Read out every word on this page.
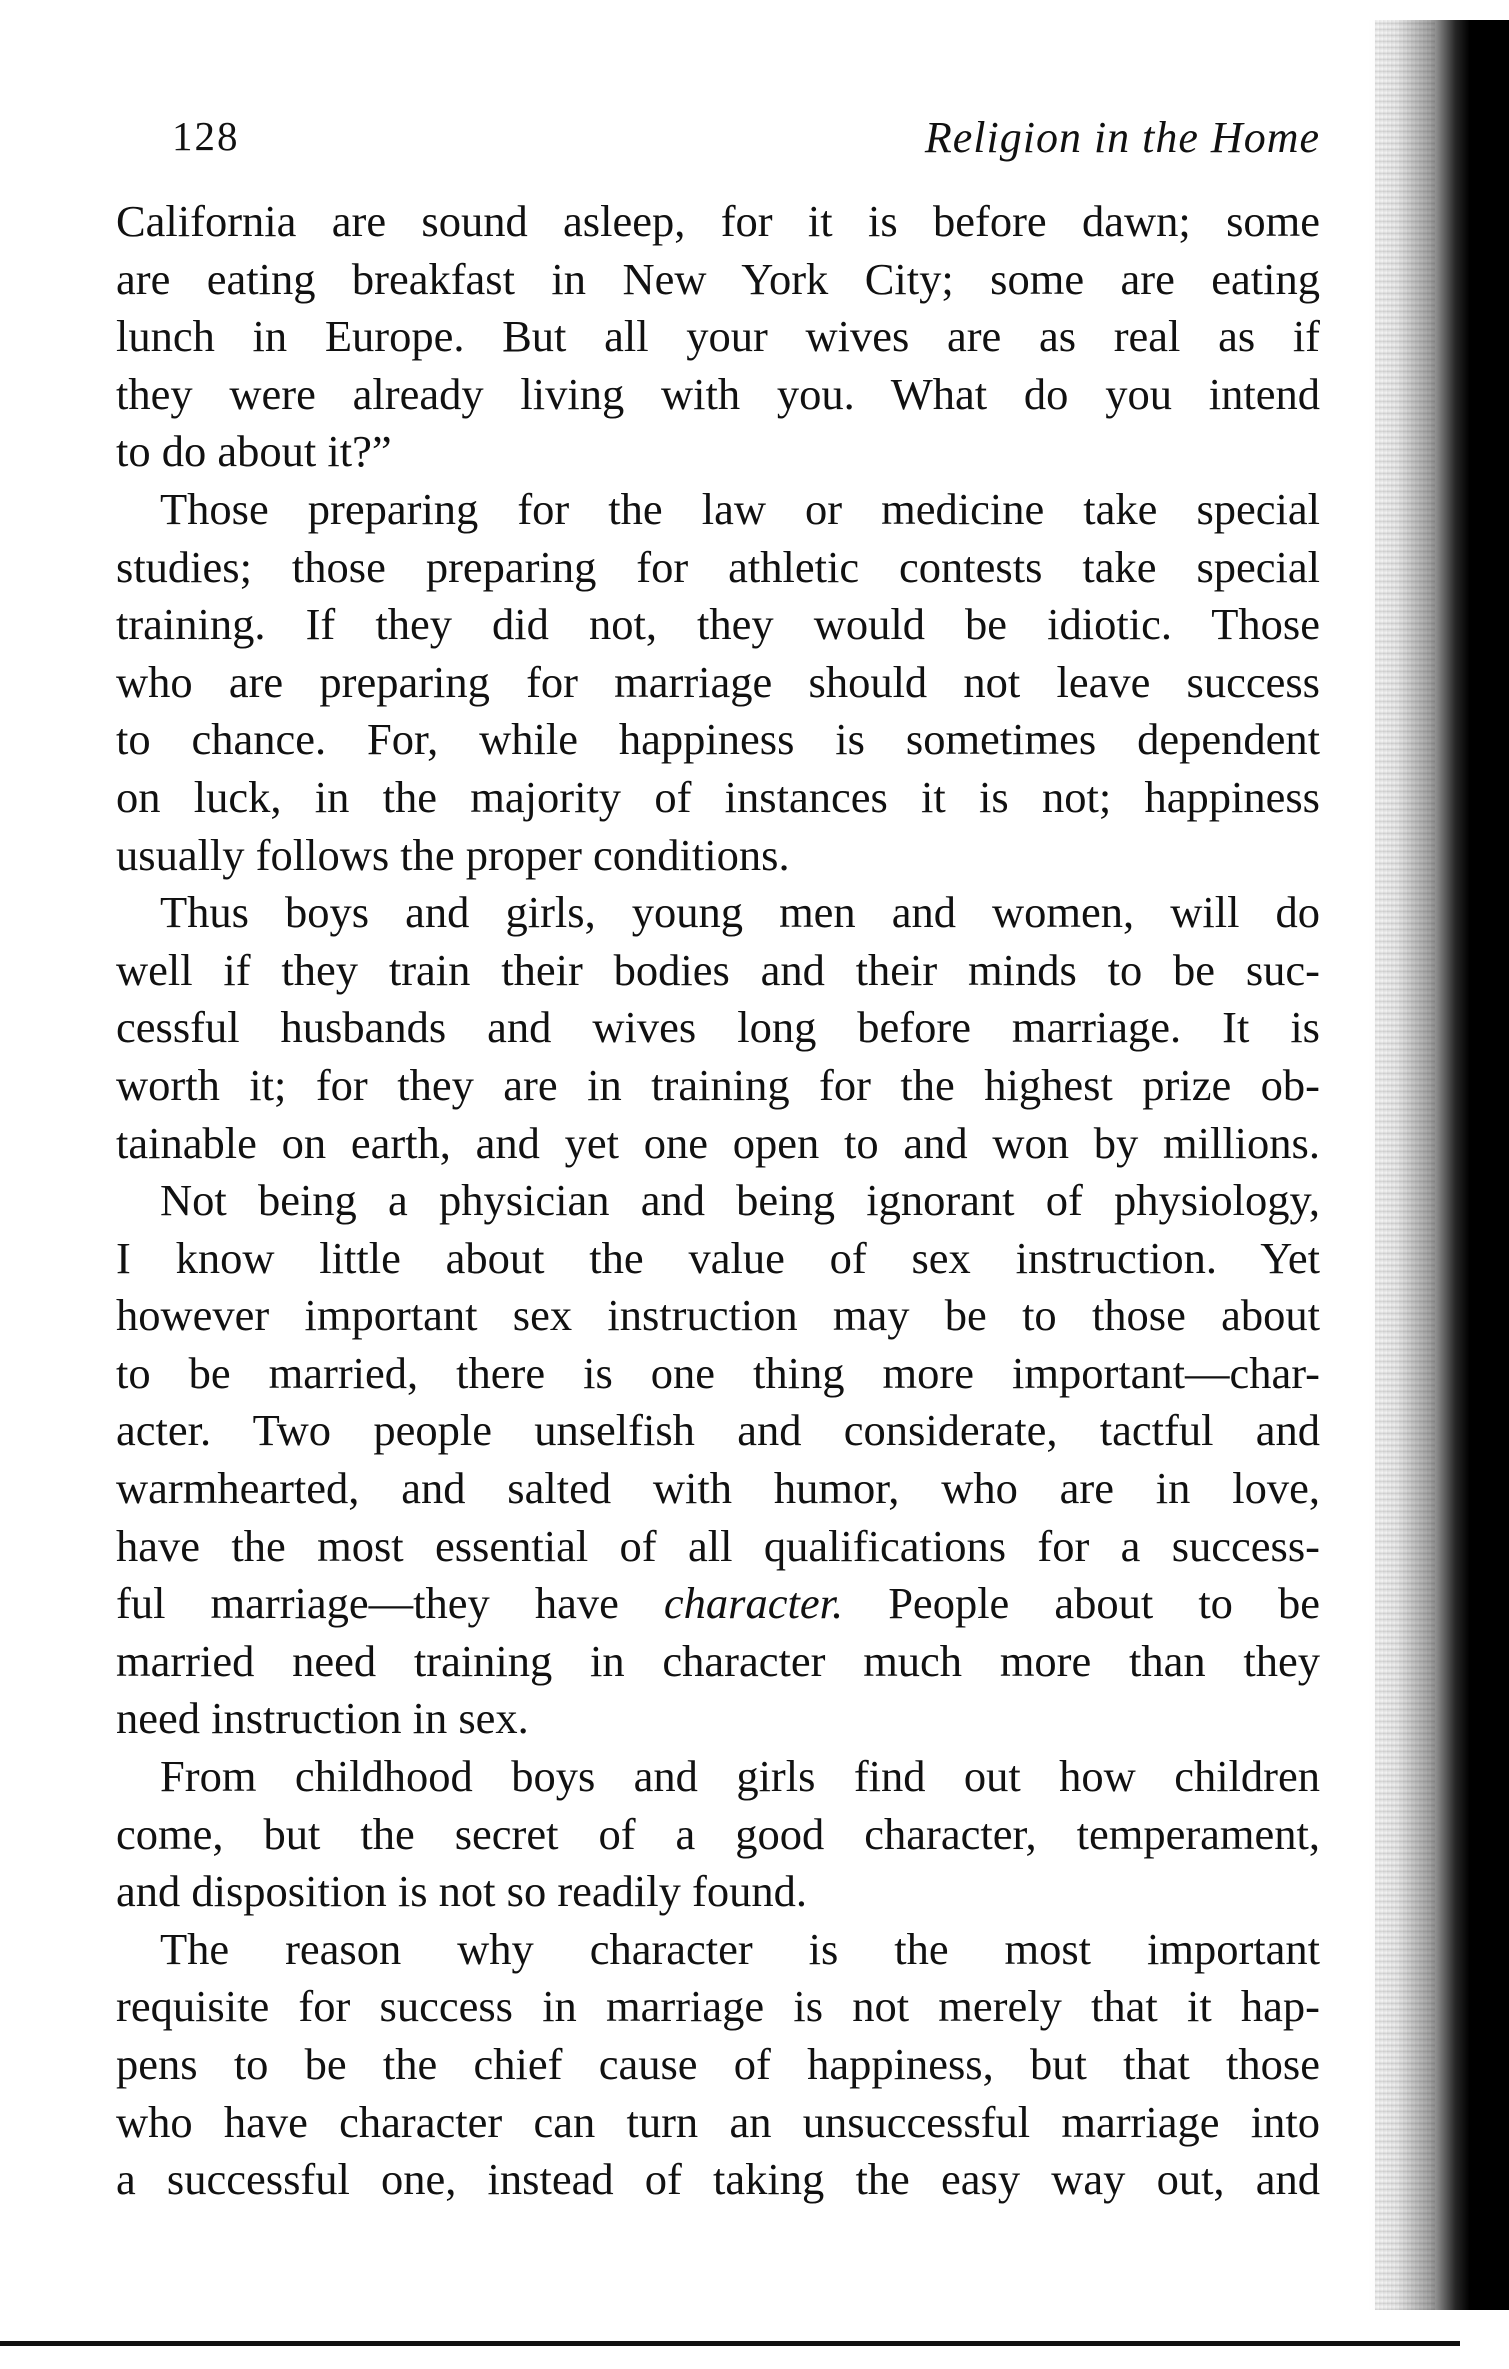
128	Religion in the Home
California are sound asleep, for it is before dawn; some
are eating breakfast in New York City; some are eating
lunch in Europe. But all your wives are as real as if
they were already living with you. What do you intend
to do about it?”
Those preparing for the law or medicine take special
studies; those preparing for athletic contests take special
training. If they did not, they would be idiotic. Those
who are preparing for marriage should not leave success
to chance. For, while happiness is sometimes dependent
on luck, in the majority of instances it is not; happiness
usually follows the proper conditions.
Thus boys and girls, young men and women, will do
well if they train their bodies and their minds to be suc-
cessful husbands and wives long before marriage. It is
worth it; for they are in training for the highest prize ob-
tainable on earth, and yet one open to and won by millions.
Not being a physician and being ignorant of physiology,
I know little about the value of sex instruction. Yet
however important sex instruction may be to those about
to be married, there is one thing more important—char-
acter. Two people unselfish and considerate, tactful and
warmhearted, and salted with humor, who are in love,
have the most essential of all qualifications for a success-
ful marriage—they have character. People about to be
married need training in character much more than they
need instruction in sex.
From childhood boys and girls find out how children
come, but the secret of a good character, temperament,
and disposition is not so readily found.
The reason why character is the most important
requisite for success in marriage is not merely that it hap-
pens to be the chief cause of happiness, but that those
who have character can turn an unsuccessful marriage into
a successful one, instead of taking the easy way out, and
